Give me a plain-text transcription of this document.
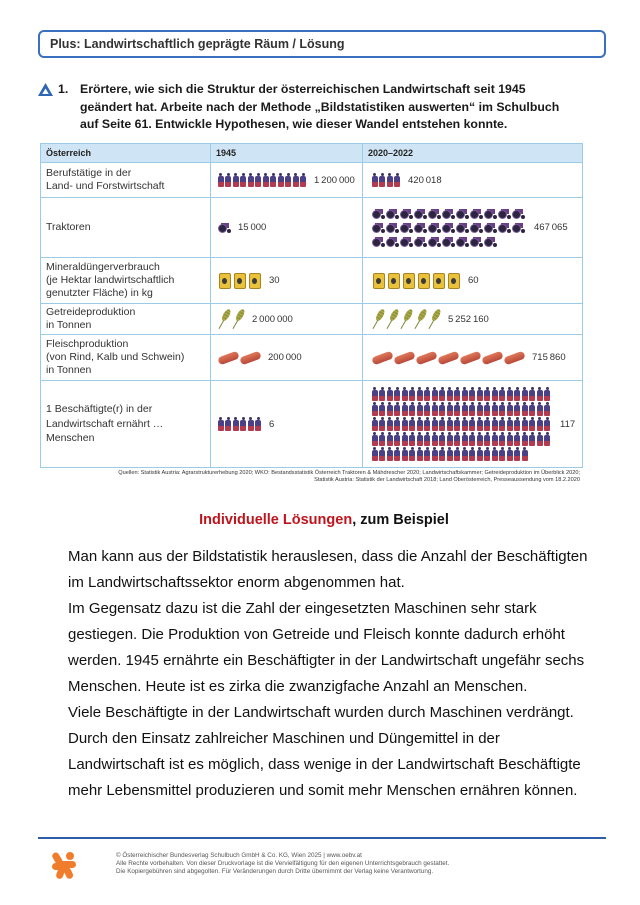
Plus: Landwirtschaftlich geprägte Räum / Lösung
1. Erörtere, wie sich die Struktur der österreichischen Landwirtschaft seit 1945
geändert hat. Arbeite nach der Methode „Bildstatistiken auswerten“ im Schulbuch
auf Seite 61. Entwickle Hypothesen, wie dieser Wandel entstehen konnte.
Österreich	1945	2020–2022
Berufstätige in der
Land- und Forstwirtschaft	1 200 000	420 018
Traktoren	15 000	467 065
Mineraldüngerverbrauch
(je Hektar landwirtschaftlich
genutzter Fläche) in kg
30	60
Getreideproduktion
in Tonnen	2 000 000	5 252 160
Fleischproduktion
(von Rind, Kalb und Schwein)
in Tonnen
200 000	715 860
1 Beschäftigte(r) in der
Landwirtschaft ernährt …
Menschen
6	117
Quellen: Statistik Austria: Agrarstrukturerhebung 2020; WKO: Bestandsstatistik Österreich Traktoren & Mähdrescher 2020; Landwirtschaftskammer; Getreideproduktion im Überblick 2020;
Statistik Austria: Statistik der Landwirtschaft 2018; Land Oberösterreich, Presseaussendung vom 18.2.2020
Individuelle Lösungen, zum Beispiel
Man kann aus der Bildstatistik herauslesen, dass die Anzahl der Beschäftigten
im Landwirtschaftssektor enorm abgenommen hat.
Im Gegensatz dazu ist die Zahl der eingesetzten Maschinen sehr stark
gestiegen. Die Produktion von Getreide und Fleisch konnte dadurch erhöht
werden. 1945 ernährte ein Beschäftigter in der Landwirtschaft ungefähr sechs
Menschen. Heute ist es zirka die zwanzigfache Anzahl an Menschen.
Viele Beschäftigte in der Landwirtschaft wurden durch Maschinen verdrängt.
Durch den Einsatz zahlreicher Maschinen und Düngemittel in der
Landwirtschaft ist es möglich, dass wenige in der Landwirtschaft Beschäftigte
mehr Lebensmittel produzieren und somit mehr Menschen ernähren können.
© Österreichischer Bundesverlag Schulbuch GmbH & Co. KG, Wien 2025 | www.oebv.at
Alle Rechte vorbehalten. Von dieser Druckvorlage ist die Vervielfältigung für den eigenen Unterrichtsgebrauch gestattet.
Die Kopiergebühren sind abgegolten. Für Veränderungen durch Dritte übernimmt der Verlag keine Verantwortung.
